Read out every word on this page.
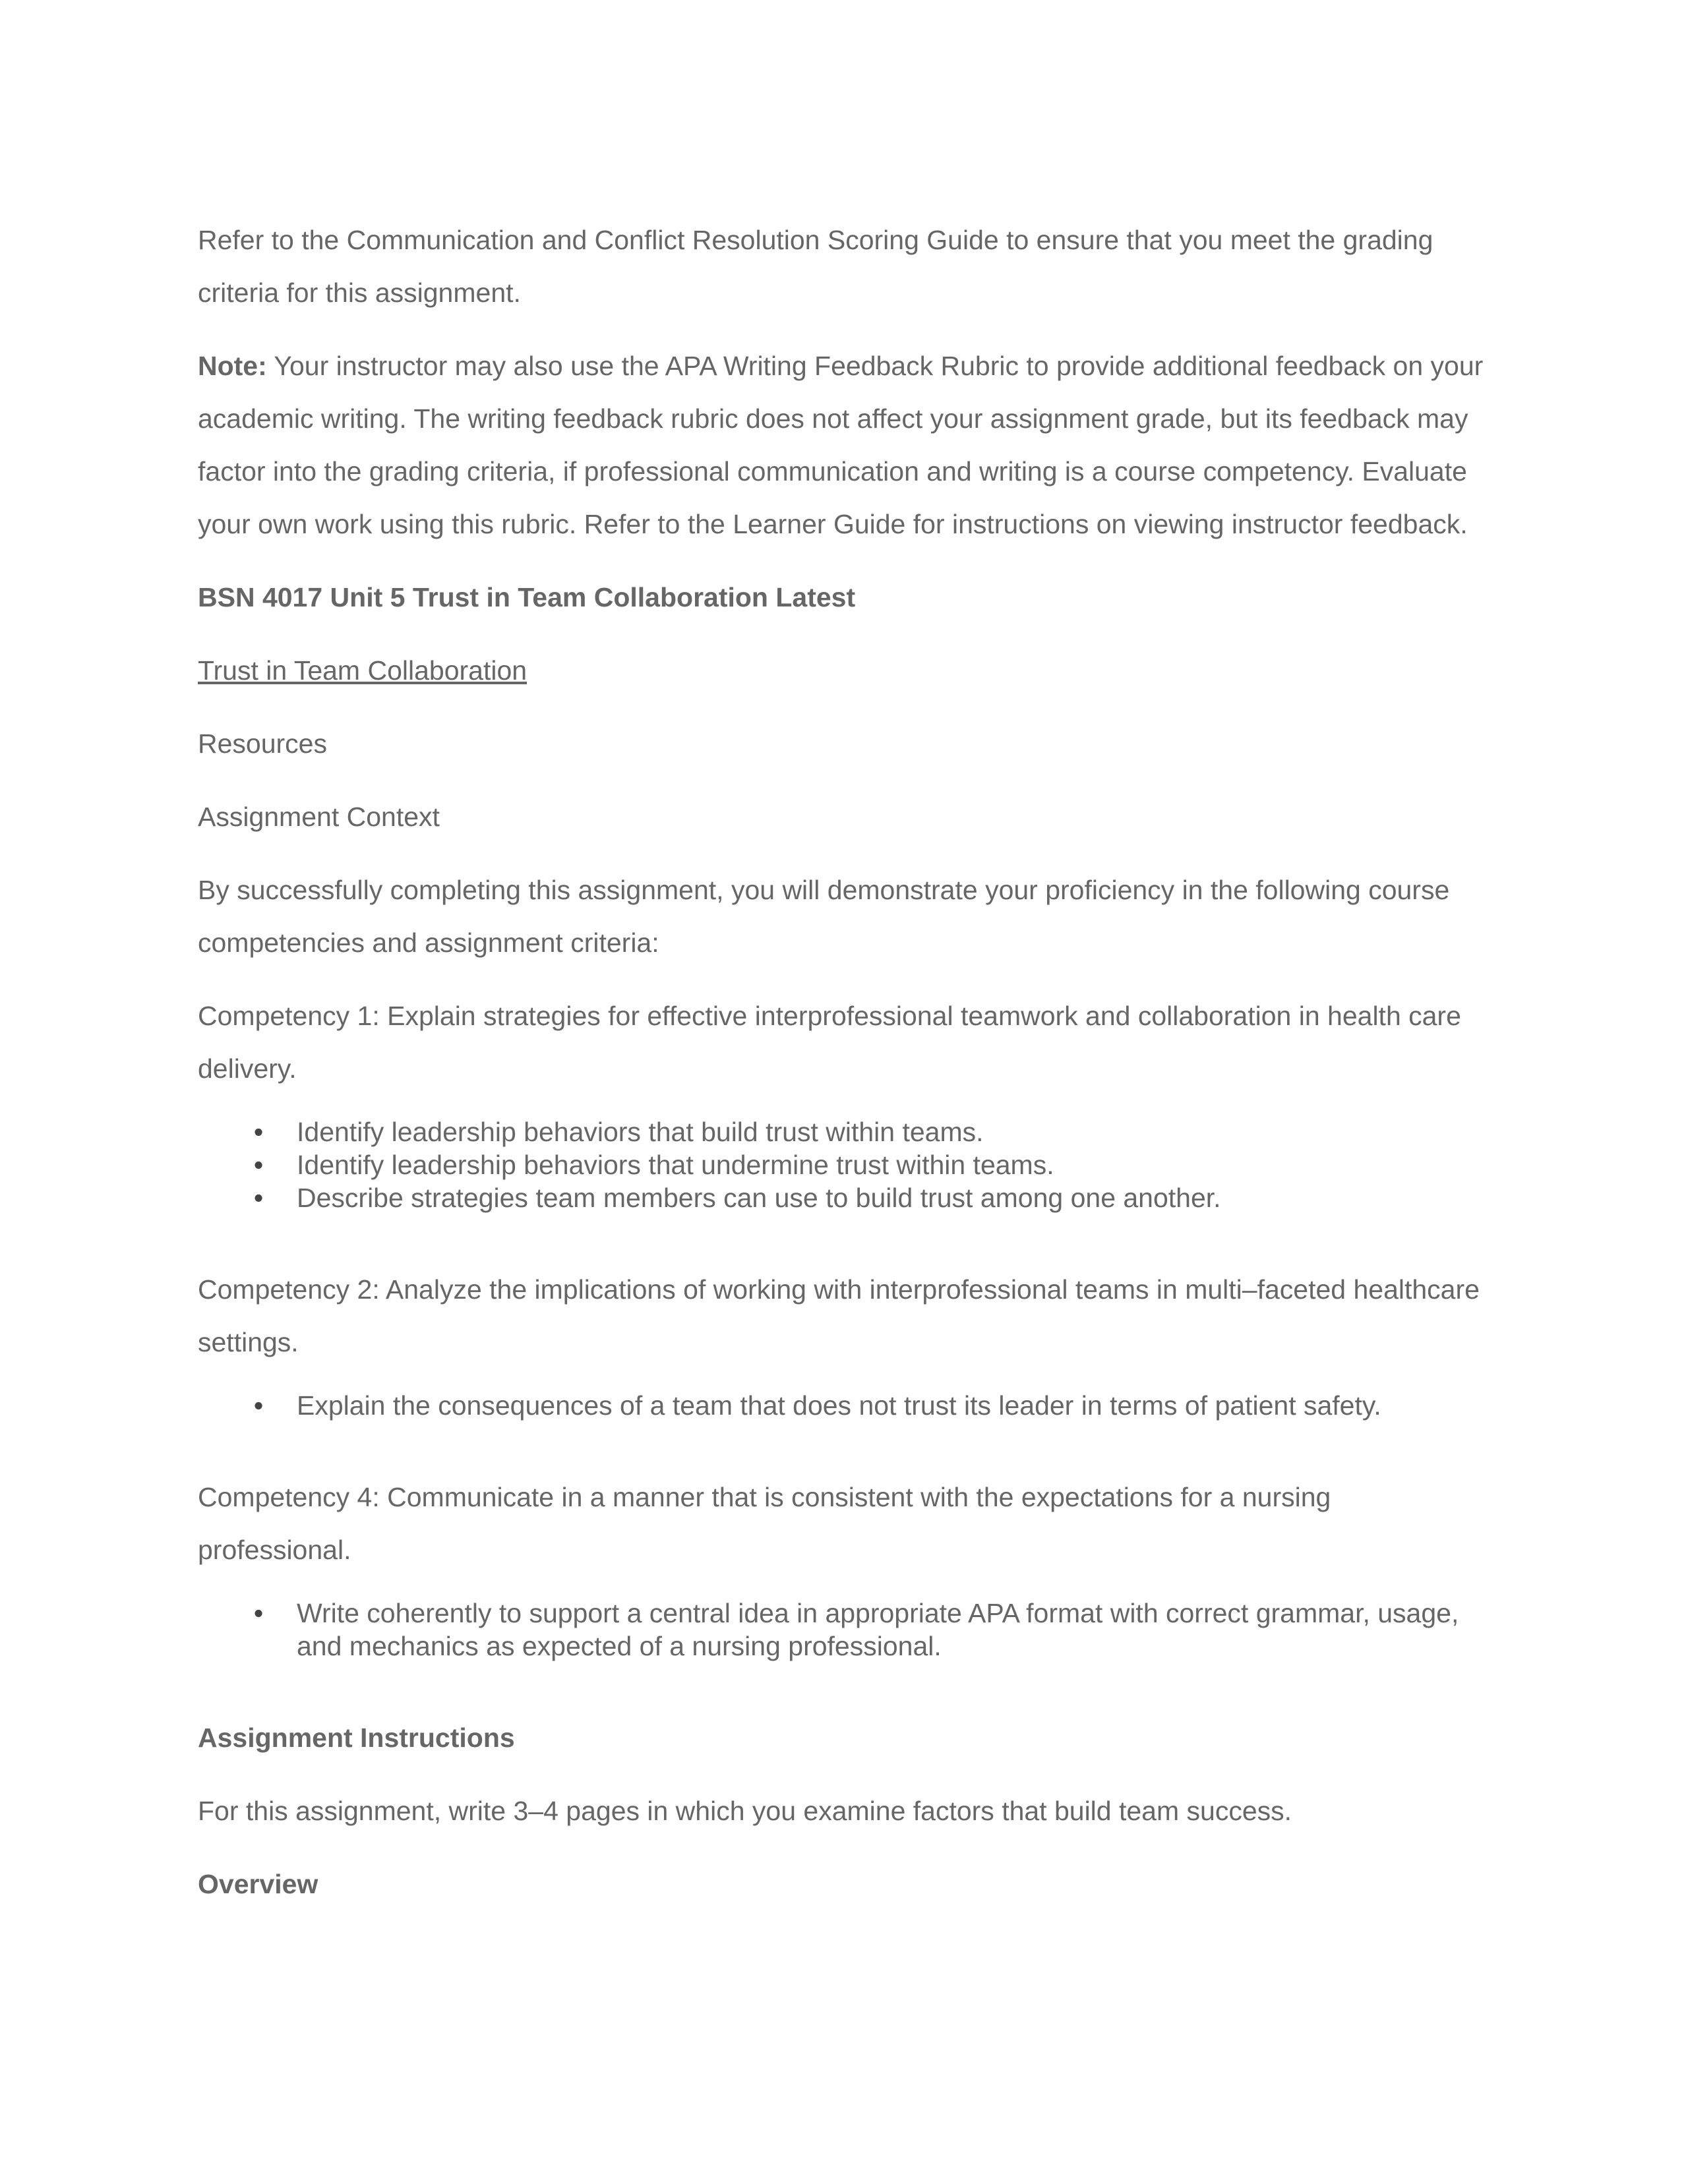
Refer to the Communication and Conflict Resolution Scoring Guide to ensure that you meet the grading criteria for this assignment.

Note: Your instructor may also use the APA Writing Feedback Rubric to provide additional feedback on your academic writing. The writing feedback rubric does not affect your assignment grade, but its feedback may factor into the grading criteria, if professional communication and writing is a course competency. Evaluate your own work using this rubric. Refer to the Learner Guide for instructions on viewing instructor feedback.

BSN 4017 Unit 5 Trust in Team Collaboration Latest

Trust in Team Collaboration

Resources

Assignment Context

By successfully completing this assignment, you will demonstrate your proficiency in the following course competencies and assignment criteria:

Competency 1: Explain strategies for effective interprofessional teamwork and collaboration in health care delivery.

•	Identify leadership behaviors that build trust within teams.
•	Identify leadership behaviors that undermine trust within teams.
•	Describe strategies team members can use to build trust among one another.

Competency 2: Analyze the implications of working with interprofessional teams in multi–faceted healthcare settings.

•	Explain the consequences of a team that does not trust its leader in terms of patient safety.

Competency 4: Communicate in a manner that is consistent with the expectations for a nursing professional.

•	Write coherently to support a central idea in appropriate APA format with correct grammar, usage, and mechanics as expected of a nursing professional.

Assignment Instructions

For this assignment, write 3–4 pages in which you examine factors that build team success.

Overview
